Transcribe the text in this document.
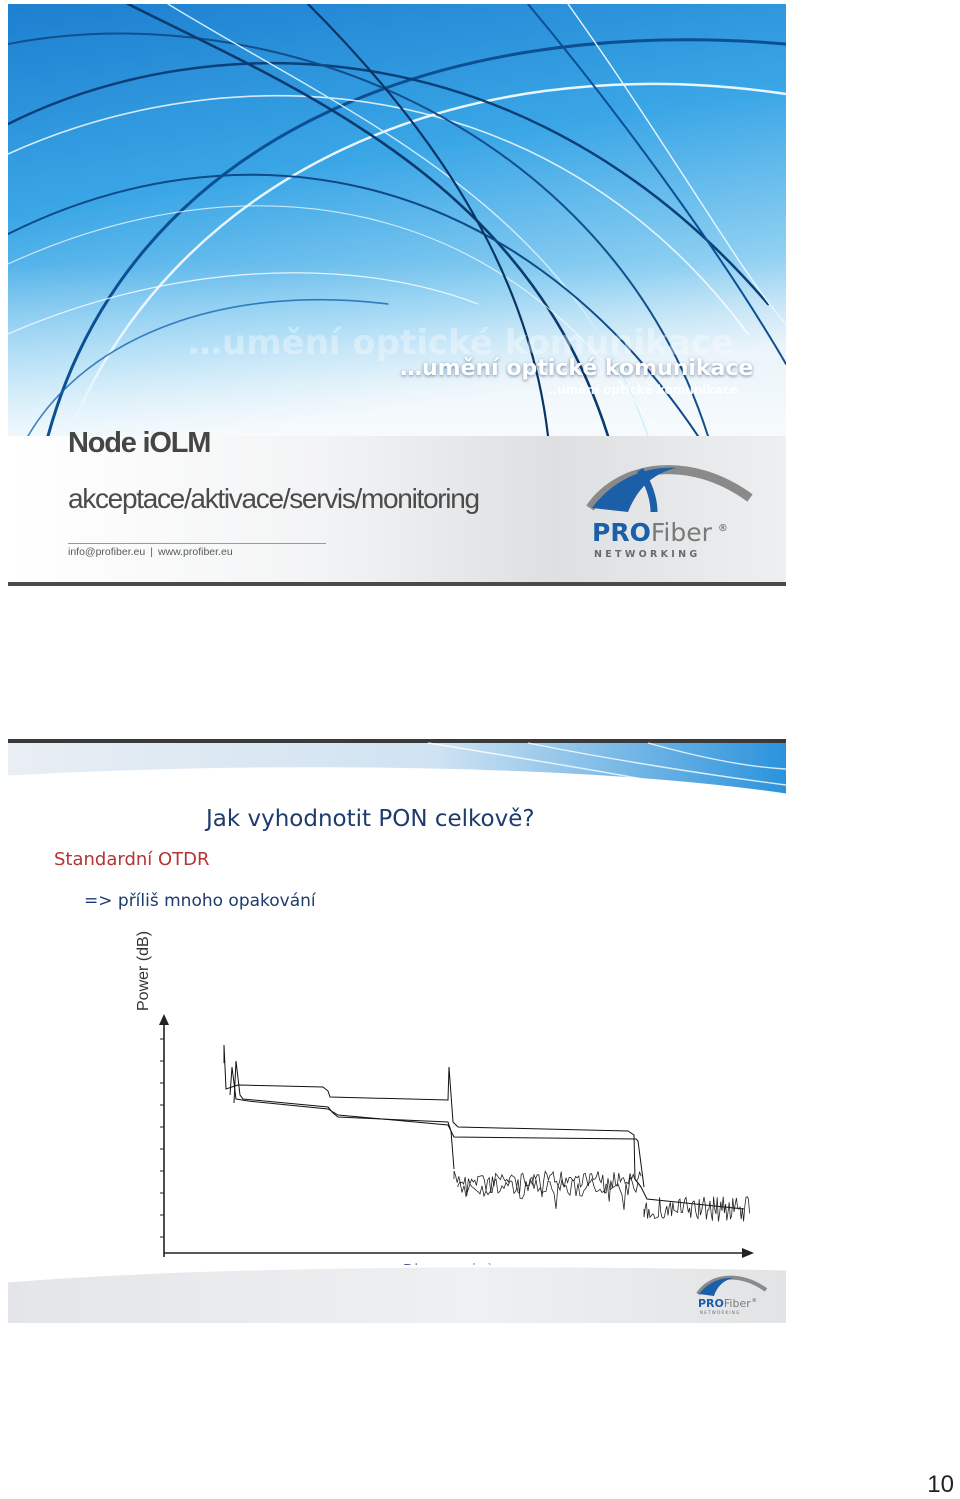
…umění optické komunikace
…umění optické komunikace
..umění optické komunikace
Node iOLM
akceptace/aktivace/servis/monitoring
info@profiber.eu | www.profiber.eu
PROFiber ®
N E T W O R K I N G
Jak vyhodnotit PON celkově?
Standardní OTDR
=> příliš mnoho opakování
Power (dB)
PROFiber®
N E T W O R K I N G
10
